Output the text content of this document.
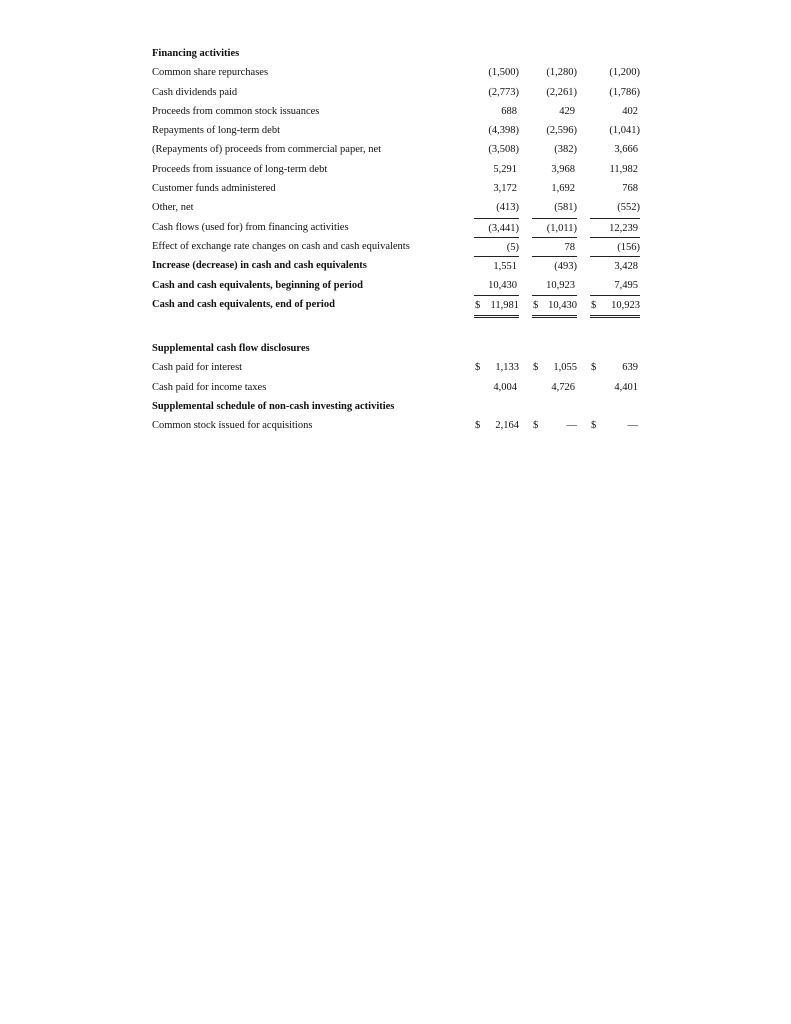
Financing activities
Common share repurchases	(1,500)	(1,280)	(1,200)
Cash dividends paid	(2,773)	(2,261)	(1,786)
Proceeds from common stock issuances	688	429	402
Repayments of long-term debt	(4,398)	(2,596)	(1,041)
(Repayments of) proceeds from commercial paper, net	(3,508)	(382)	3,666
Proceeds from issuance of long-term debt	5,291	3,968	11,982
Customer funds administered	3,172	1,692	768
Other, net	(413)	(581)	(552)
Cash flows (used for) from financing activities	(3,441)	(1,011)	12,239
Effect of exchange rate changes on cash and cash equivalents	(5)	78	(156)
Increase (decrease) in cash and cash equivalents	1,551	(493)	3,428
Cash and cash equivalents, beginning of period	10,430	10,923	7,495
Cash and cash equivalents, end of period	$ 11,981 $ 10,430 $ 10,923
Supplemental cash flow disclosures
Cash paid for interest	$ 1,133 $ 1,055 $ 639
Cash paid for income taxes	4,004	4,726	4,401
Supplemental schedule of non-cash investing activities
Common stock issued for acquisitions	$ 2,164 $	— $	—
